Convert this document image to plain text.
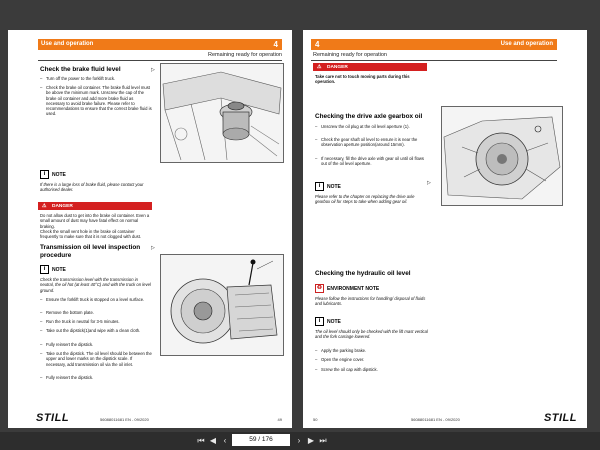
Use and operation	4
Remaining ready for operation
Check the brake fluid level	▷
– Turn off the power to the forklift truck.
– Check the brake oil container. The brake fluid level must be above the minimum mark. Unscrew the cap of the brake oil container and add more brake fluid as necessary to avoid brake failure. Please refer to recommendations to ensure that the correct brake fluid is used.
i NOTE
If there is a large loss of brake fluid, please contact your authorised dealer.
⚠ DANGER
Do not allow dust to get into the brake oil container. Even a small amount of dust may have fatal effect on normal braking.
Check the small vent hole in the brake oil container frequently to make sure that it is not clogged with dust.
Transmission oil level inspection procedure
▷
i NOTE
Check the transmission level with the transmission in neutral, the oil hot (at least 40°C) and with the truck on level ground.
– Ensure the forklift truck is stopped on a level surface.
– Remove the bottom plate.
– Run the truck in neutral for 3-5 minutes.
– Take out the dipstick(1)and wipe with a clean cloth.
– Fully reinsert the dipstick.
– Take out the dipstick. The oil level should be between the upper and lower marks on the dipstick scale. If necessary, add transmission oil via the oil inlet.
– Fully reinsert the dipstick.
STILL	56088011681 EN - 09/2020	49
4	Use and operation
Remaining ready for operation
⚠ DANGER
Take care not to touch moving parts during this operation.
Checking the drive axle gearbox oil
– Unscrew the oil plug at the oil level aperture (1).
– Check the gear shaft oil level to ensure it is near the observation aperture position(around 15mm).
– If necessary, fill the drive axle with gear oil until oil flows out of the oil level aperture.
▷
i NOTE
Please refer to the chapter on replacing the drive axle gearbox oil for steps to take when adding gear oil.
Checking the hydraulic oil level
♻ ENVIRONMENT NOTE
Please follow the instructions for handling/ disposal of fluids and lubricants.
i NOTE
The oil level should only be checked with the lift mast vertical and the fork carriage lowered.
– Apply the parking brake.
– Open the engine cover.
– Screw the oil cap with dipstick.
50	56088011681 EN - 09/2020	STILL
⏮ ◀ ‹	59 / 176	› ▶ ⏭
